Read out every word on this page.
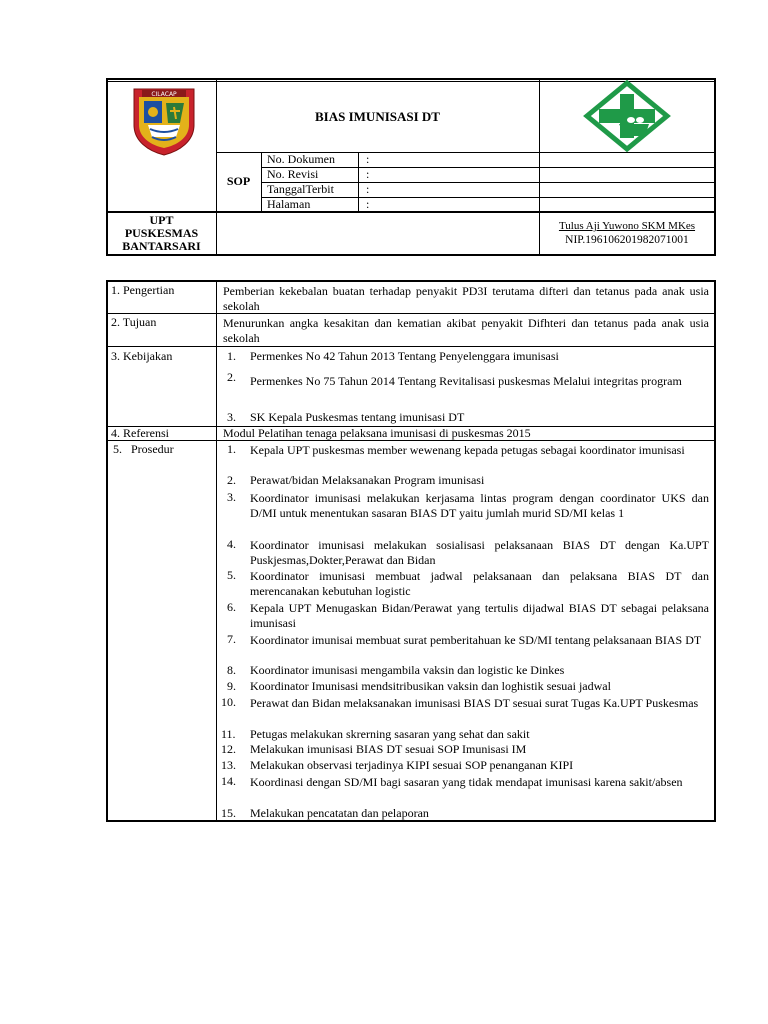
CILACAP
BIAS IMUNISASI DT
SOP
No. Dokumen	:
No. Revisi	:
TanggalTerbit	:
Halaman	:
UPT
PUSKESMAS
BANTARSARI
Tulus Aji Yuwono SKM MKes
NIP.196106201982071001
1. Pengertian	Pemberian kekebalan buatan terhadap penyakit PD3I terutama difteri dan tetanus pada anak usia sekolah
2. Tujuan	Menurunkan angka kesakitan dan kematian akibat penyakit Difhteri dan tetanus pada anak usia sekolah
3. Kebijakan	1. Permenkes No 42 Tahun 2013 Tentang Penyelenggara imunisasi
2. Permenkes No 75 Tahun 2014 Tentang Revitalisasi puskesmas Melalui integritas program
3. SK Kepala Puskesmas tentang imunisasi DT
4. Referensi	Modul Pelatihan tenaga pelaksana imunisasi di puskesmas 2015
5.   Prosedur	1. Kepala UPT puskesmas member wewenang kepada petugas sebagai koordinator imunisasi
2. Perawat/bidan Melaksanakan Program imunisasi
3. Koordinator imunisasi melakukan kerjasama lintas program dengan coordinator UKS dan D/MI untuk menentukan sasaran BIAS DT yaitu jumlah murid SD/MI kelas 1
4. Koordinator imunisasi melakukan sosialisasi pelaksanaan BIAS DT dengan Ka.UPT Puskjesmas,Dokter,Perawat dan Bidan
5. Koordinator imunisasi membuat jadwal pelaksanaan dan pelaksana BIAS DT dan merencanakan kebutuhan logistic
6. Kepala UPT Menugaskan Bidan/Perawat yang tertulis dijadwal BIAS DT sebagai pelaksana imunisasi
7. Koordinator imunisai membuat surat pemberitahuan ke SD/MI tentang pelaksanaan BIAS DT
8. Koordinator imunisasi mengambila vaksin dan logistic ke Dinkes
9. Koordinator Imunisasi mendsitribusikan vaksin dan loghistik sesuai jadwal
10. Perawat dan Bidan melaksanakan imunisasi BIAS DT sesuai surat Tugas Ka.UPT Puskesmas
11. Petugas melakukan skrerning sasaran yang sehat dan sakit
12. Melakukan imunisasi BIAS DT sesuai SOP Imunisasi IM
13. Melakukan observasi terjadinya KIPI sesuai SOP penanganan KIPI
14. Koordinasi dengan SD/MI bagi sasaran yang tidak mendapat imunisasi karena sakit/absen
15. Melakukan pencatatan dan pelaporan
